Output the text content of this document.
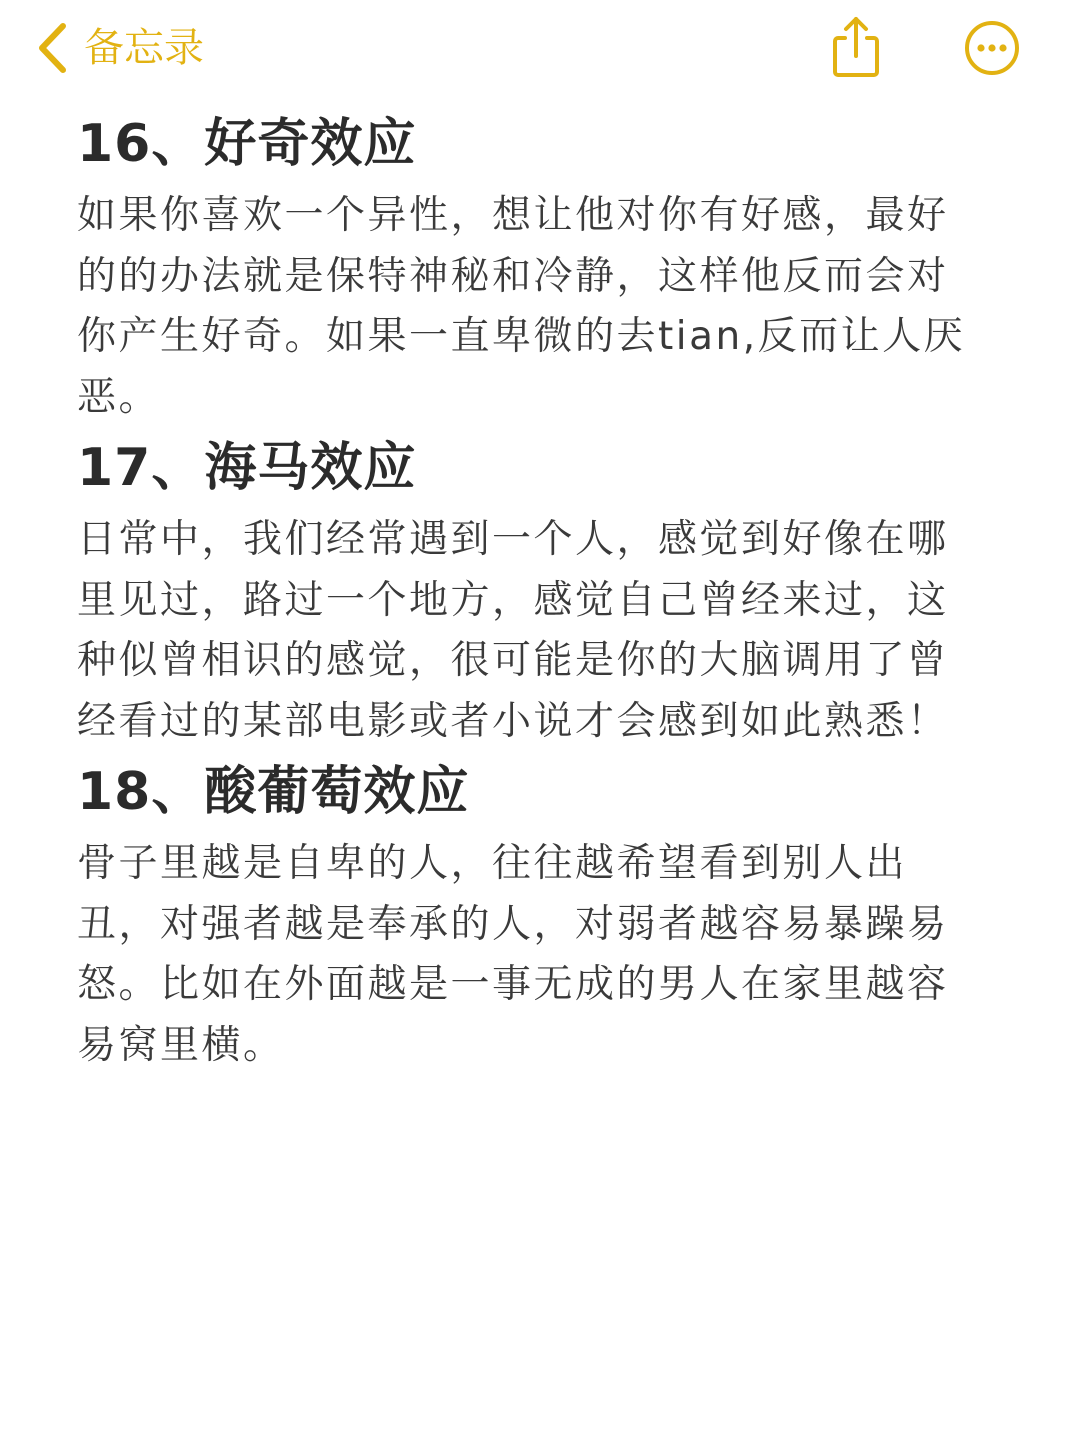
备忘录
16、好奇效应

如果你喜欢一个异性，想让他对你有好感，最好的的办法就是保特神秘和冷静，这样他反而会对你产生好奇。如果一直卑微的去tian,反而让人厌恶。

17、海马效应

日常中，我们经常遇到一个人，感觉到好像在哪里见过，路过一个地方，感觉自己曾经来过，这种似曾相识的感觉，很可能是你的大脑调用了曾经看过的某部电影或者小说才会感到如此熟悉！

18、酸葡萄效应

骨子里越是自卑的人，往往越希望看到别人出丑，对强者越是奉承的人，对弱者越容易暴躁易怒。比如在外面越是一事无成的男人在家里越容易窝里横。
